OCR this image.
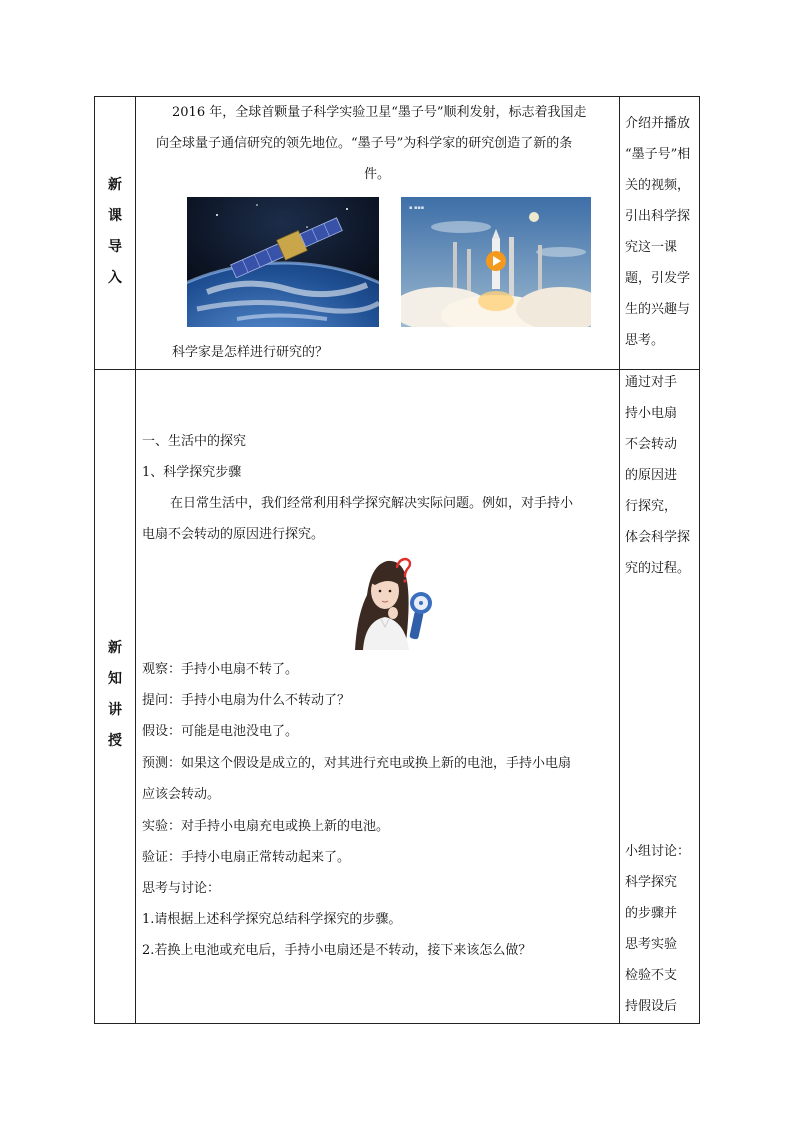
新
课
导
入
2016 年，全球首颗量子科学实验卫星“墨子号”顺利发射，标志着我国走
向全球量子通信研究的领先地位。“墨子号”为科学家的研究创造了新的条
件。
▪ ▪▪▪
科学家是怎样进行研究的？
介绍并播放
“墨子号”相
关的视频，
引出科学探
究这一课
题，引发学
生的兴趣与
思考。
新
知
讲
授
一、生活中的探究
1、科学探究步骤
在日常生活中，我们经常利用科学探究解决实际问题。例如，对手持小
电扇不会转动的原因进行探究。
观察：手持小电扇不转了。
提问：手持小电扇为什么不转动了？
假设：可能是电池没电了。
预测：如果这个假设是成立的，对其进行充电或换上新的电池，手持小电扇
应该会转动。
实验：对手持小电扇充电或换上新的电池。
验证：手持小电扇正常转动起来了。
思考与讨论：
1.请根据上述科学探究总结科学探究的步骤。
2.若换上电池或充电后，手持小电扇还是不转动，接下来该怎么做？
通过对手
持小电扇
不会转动
的原因进
行探究，
体会科学探
究的过程。
小组讨论：
科学探究
的步骤并
思考实验
检验不支
持假设后
